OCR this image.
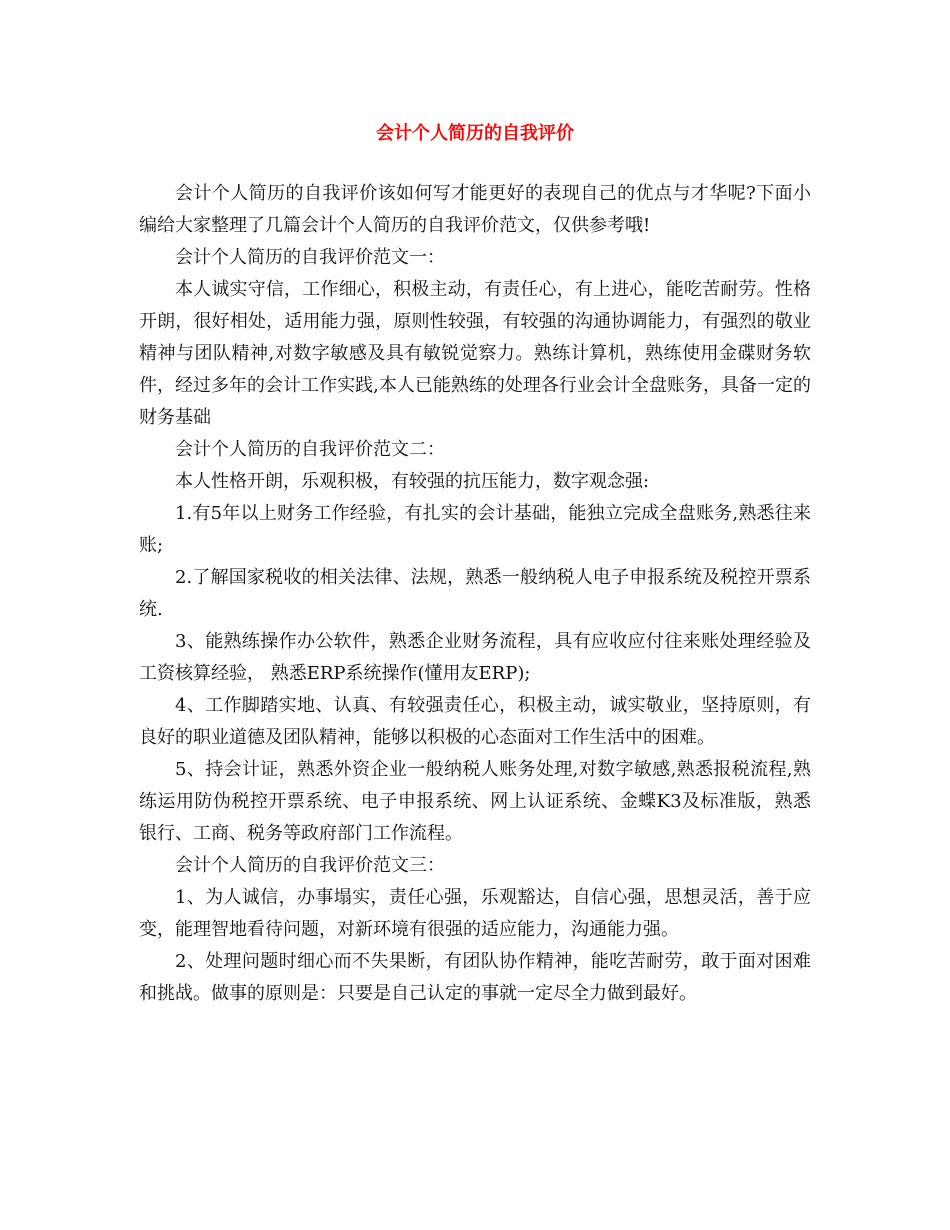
会计个人简历的自我评价

会计个人简历的自我评价该如何写才能更好的表现自己的优点与才华呢?下面小编给大家整理了几篇会计个人简历的自我评价范文，仅供参考哦!

会计个人简历的自我评价范文一：

本人诚实守信，工作细心，积极主动，有责任心，有上进心，能吃苦耐劳。性格开朗，很好相处，适用能力强，原则性较强，有较强的沟通协调能力，有强烈的敬业精神与团队精神,对数字敏感及具有敏锐觉察力。熟练计算机，熟练使用金碟财务软件，经过多年的会计工作实践,本人已能熟练的处理各行业会计全盘账务，具备一定的财务基础

会计个人简历的自我评价范文二：

本人性格开朗，乐观积极，有较强的抗压能力，数字观念强:

1.有5年以上财务工作经验，有扎实的会计基础，能独立完成全盘账务,熟悉往来账;

2.了解国家税收的相关法律、法规，熟悉一般纳税人电子申报系统及税控开票系统.

3、能熟练操作办公软件，熟悉企业财务流程，具有应收应付往来账处理经验及工资核算经验， 熟悉ERP系统操作(懂用友ERP);

4、工作脚踏实地、认真、有较强责任心，积极主动，诚实敬业，坚持原则，有良好的职业道德及团队精神，能够以积极的心态面对工作生活中的困难。

5、持会计证，熟悉外资企业一般纳税人账务处理,对数字敏感,熟悉报税流程,熟练运用防伪税控开票系统、电子申报系统、网上认证系统、金蝶K3及标准版，熟悉银行、工商、税务等政府部门工作流程。

会计个人简历的自我评价范文三：

1、为人诚信，办事塌实，责任心强，乐观豁达，自信心强，思想灵活，善于应变，能理智地看待问题，对新环境有很强的适应能力，沟通能力强。

2、处理问题时细心而不失果断，有团队协作精神，能吃苦耐劳，敢于面对困难和挑战。做事的原则是：只要是自己认定的事就一定尽全力做到最好。
